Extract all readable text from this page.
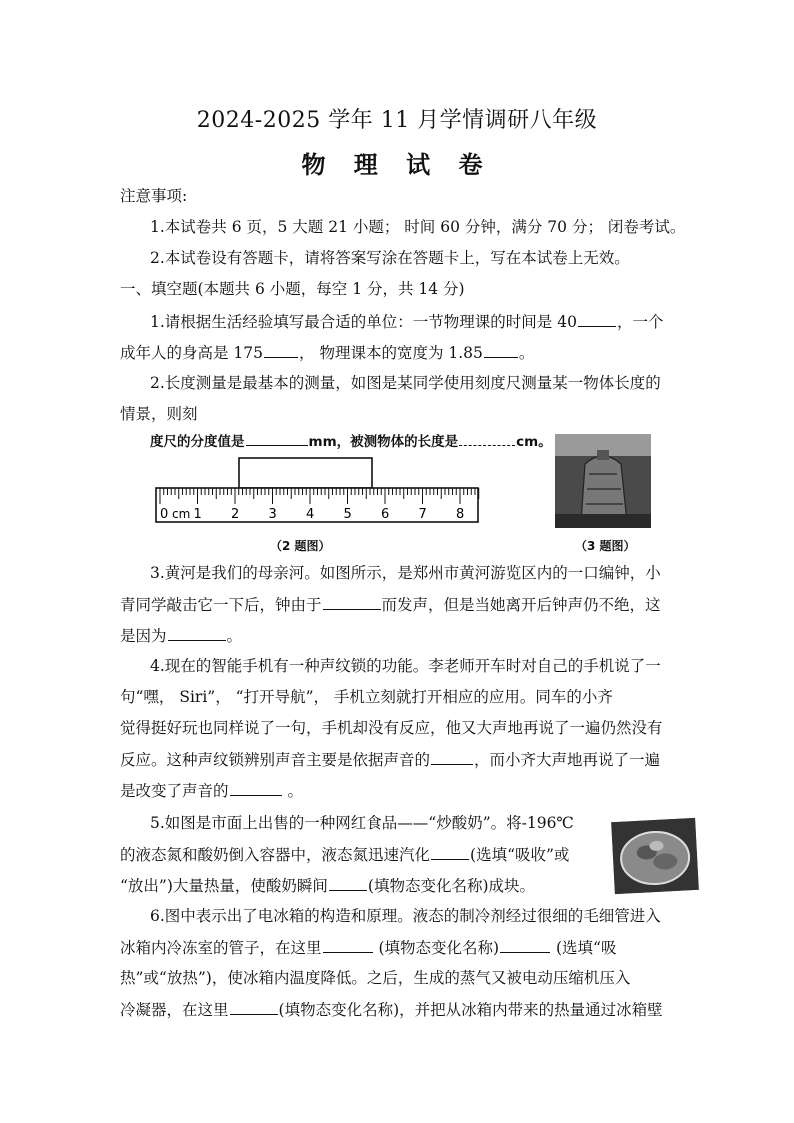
2024-2025 学年 11 月学情调研八年级
物 理 试 卷
注意事项:
1.本试卷共 6 页，5 大题 21 小题； 时间 60 分钟，满分 70 分； 闭卷考试。
2.本试卷设有答题卡，请将答案写涂在答题卡上，写在本试卷上无效。
一、填空题(本题共 6 小题，每空 1 分，共 14 分)
1.请根据生活经验填写最合适的单位：一节物理课的时间是 40	，一个
成年人的身高是 175 ， 物理课本的宽度为 1.85 。
2.长度测量是最基本的测量，如图是某同学使用刻度尺测量某一物体长度的
情景，则刻
度尺的分度值是	mm，被测物体的长度是	cm。
0 1 2 3 4 5 6 7 8
cm
（2 题图）	（3 题图）
3.黄河是我们的母亲河。如图所示，是郑州市黄河游览区内的一口编钟，小
青同学敲击它一下后，钟由于	而发声，但是当她离开后钟声仍不绝，这
是因为	。
4.现在的智能手机有一种声纹锁的功能。李老师开车时对自己的手机说了一
句“嘿， Siri”， “打开导航”， 手机立刻就打开相应的应用。同车的小齐
觉得挺好玩也同样说了一句，手机却没有反应，他又大声地再说了一遍仍然没有
反应。这种声纹锁辨别声音主要是依据声音的	，而小齐大声地再说了一遍
是改变了声音的	。
5.如图是市面上出售的一种网红食品——“炒酸奶”。将-196℃
的液态氮和酸奶倒入容器中，液态氮迅速汽化	(选填“吸收”或
“放出”)大量热量，使酸奶瞬间	(填物态变化名称)成块。
6.图中表示出了电冰箱的构造和原理。液态的制冷剂经过很细的毛细管进入
冰箱内冷冻室的管子，在这里	(填物态变化名称)	(选填“吸
热”或“放热”)，使冰箱内温度降低。之后，生成的蒸气又被电动压缩机压入
冷凝器，在这里	(填物态变化名称)，并把从冰箱内带来的热量通过冰箱壁
